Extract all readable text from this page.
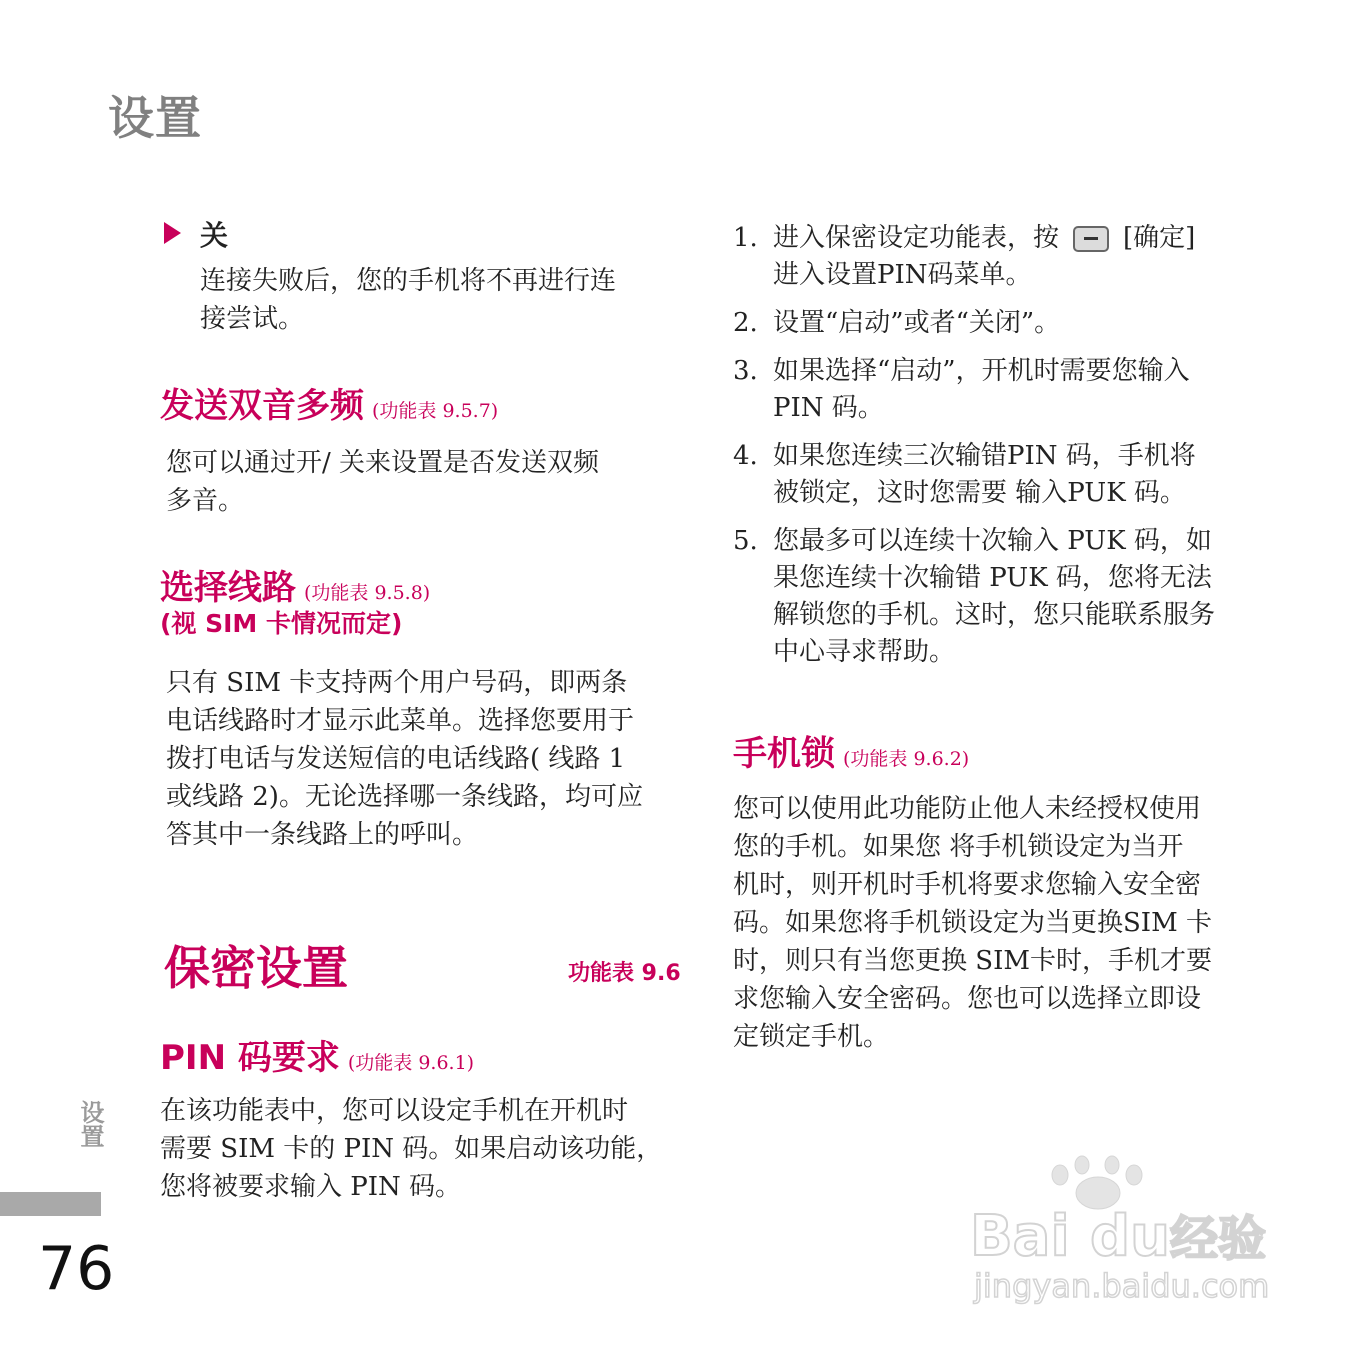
设置
关
连接失败后，您的手机将不再进行连
接尝试。
发送双音多频 (功能表 9.5.7)
您可以通过开/ 关来设置是否发送双频
多音。
选择线路 (功能表 9.5.8)
(视 SIM 卡情况而定)
只有 SIM 卡支持两个用户号码，即两条
电话线路时才显示此菜单。选择您要用于
拨打电话与发送短信的电话线路( 线路 1
或线路 2)。无论选择哪一条线路，均可应
答其中一条线路上的呼叫。
保密设置	功能表 9.6
PIN 码要求 (功能表 9.6.1)
在该功能表中，您可以设定手机在开机时
需要 SIM 卡的 PIN 码。如果启动该功能，
您将被要求输入 PIN 码。
1. 进入保密设定功能表，按 [确定]
进入设置PIN码菜单。
2. 设置“启动”或者“关闭”。
3. 如果选择“启动”，开机时需要您输入
PIN 码。
4. 如果您连续三次输错PIN 码，手机将
被锁定，这时您需要 输入PUK 码。
5. 您最多可以连续十次输入 PUK 码，如
果您连续十次输错 PUK 码，您将无法
解锁您的手机。这时，您只能联系服务
中心寻求帮助。
手机锁 (功能表 9.6.2)
您可以使用此功能防止他人未经授权使用
您的手机。如果您 将手机锁设定为当开
机时，则开机时手机将要求您输入安全密
码。如果您将手机锁设定为当更换SIM 卡
时，则只有当您更换 SIM卡时，手机才要
求您输入安全密码。您也可以选择立即设
定锁定手机。
设置
76	Bai du 经验
jingyan.baidu.com
